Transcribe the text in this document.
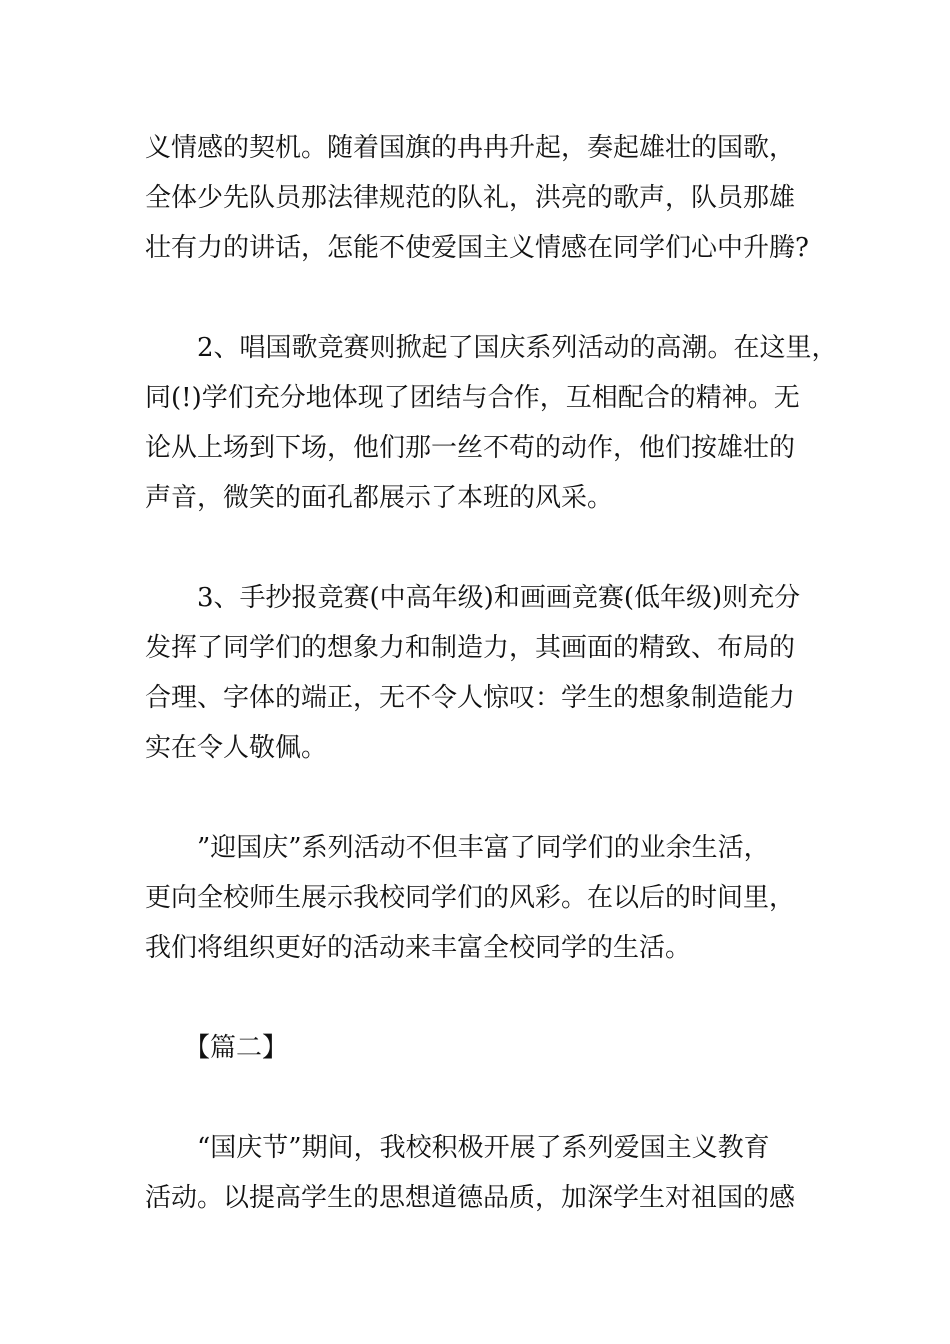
义情感的契机。随着国旗的冉冉升起，奏起雄壮的国歌，
全体少先队员那法律规范的队礼，洪亮的歌声，队员那雄
壮有力的讲话，怎能不使爱国主义情感在同学们心中升腾?
　　2、唱国歌竞赛则掀起了国庆系列活动的高潮。在这里，
同(!)学们充分地体现了团结与合作，互相配合的精神。无
论从上场到下场，他们那一丝不苟的动作，他们按雄壮的
声音，微笑的面孔都展示了本班的风采。
　　3、手抄报竞赛(中高年级)和画画竞赛(低年级)则充分
发挥了同学们的想象力和制造力，其画面的精致、布局的
合理、字体的端正，无不令人惊叹：学生的想象制造能力
实在令人敬佩。
　　”迎国庆”系列活动不但丰富了同学们的业余生活，
更向全校师生展示我校同学们的风彩。在以后的时间里，
我们将组织更好的活动来丰富全校同学的生活。
　　【篇二】
　　“国庆节”期间，我校积极开展了系列爱国主义教育
活动。以提高学生的思想道德品质，加深学生对祖国的感
